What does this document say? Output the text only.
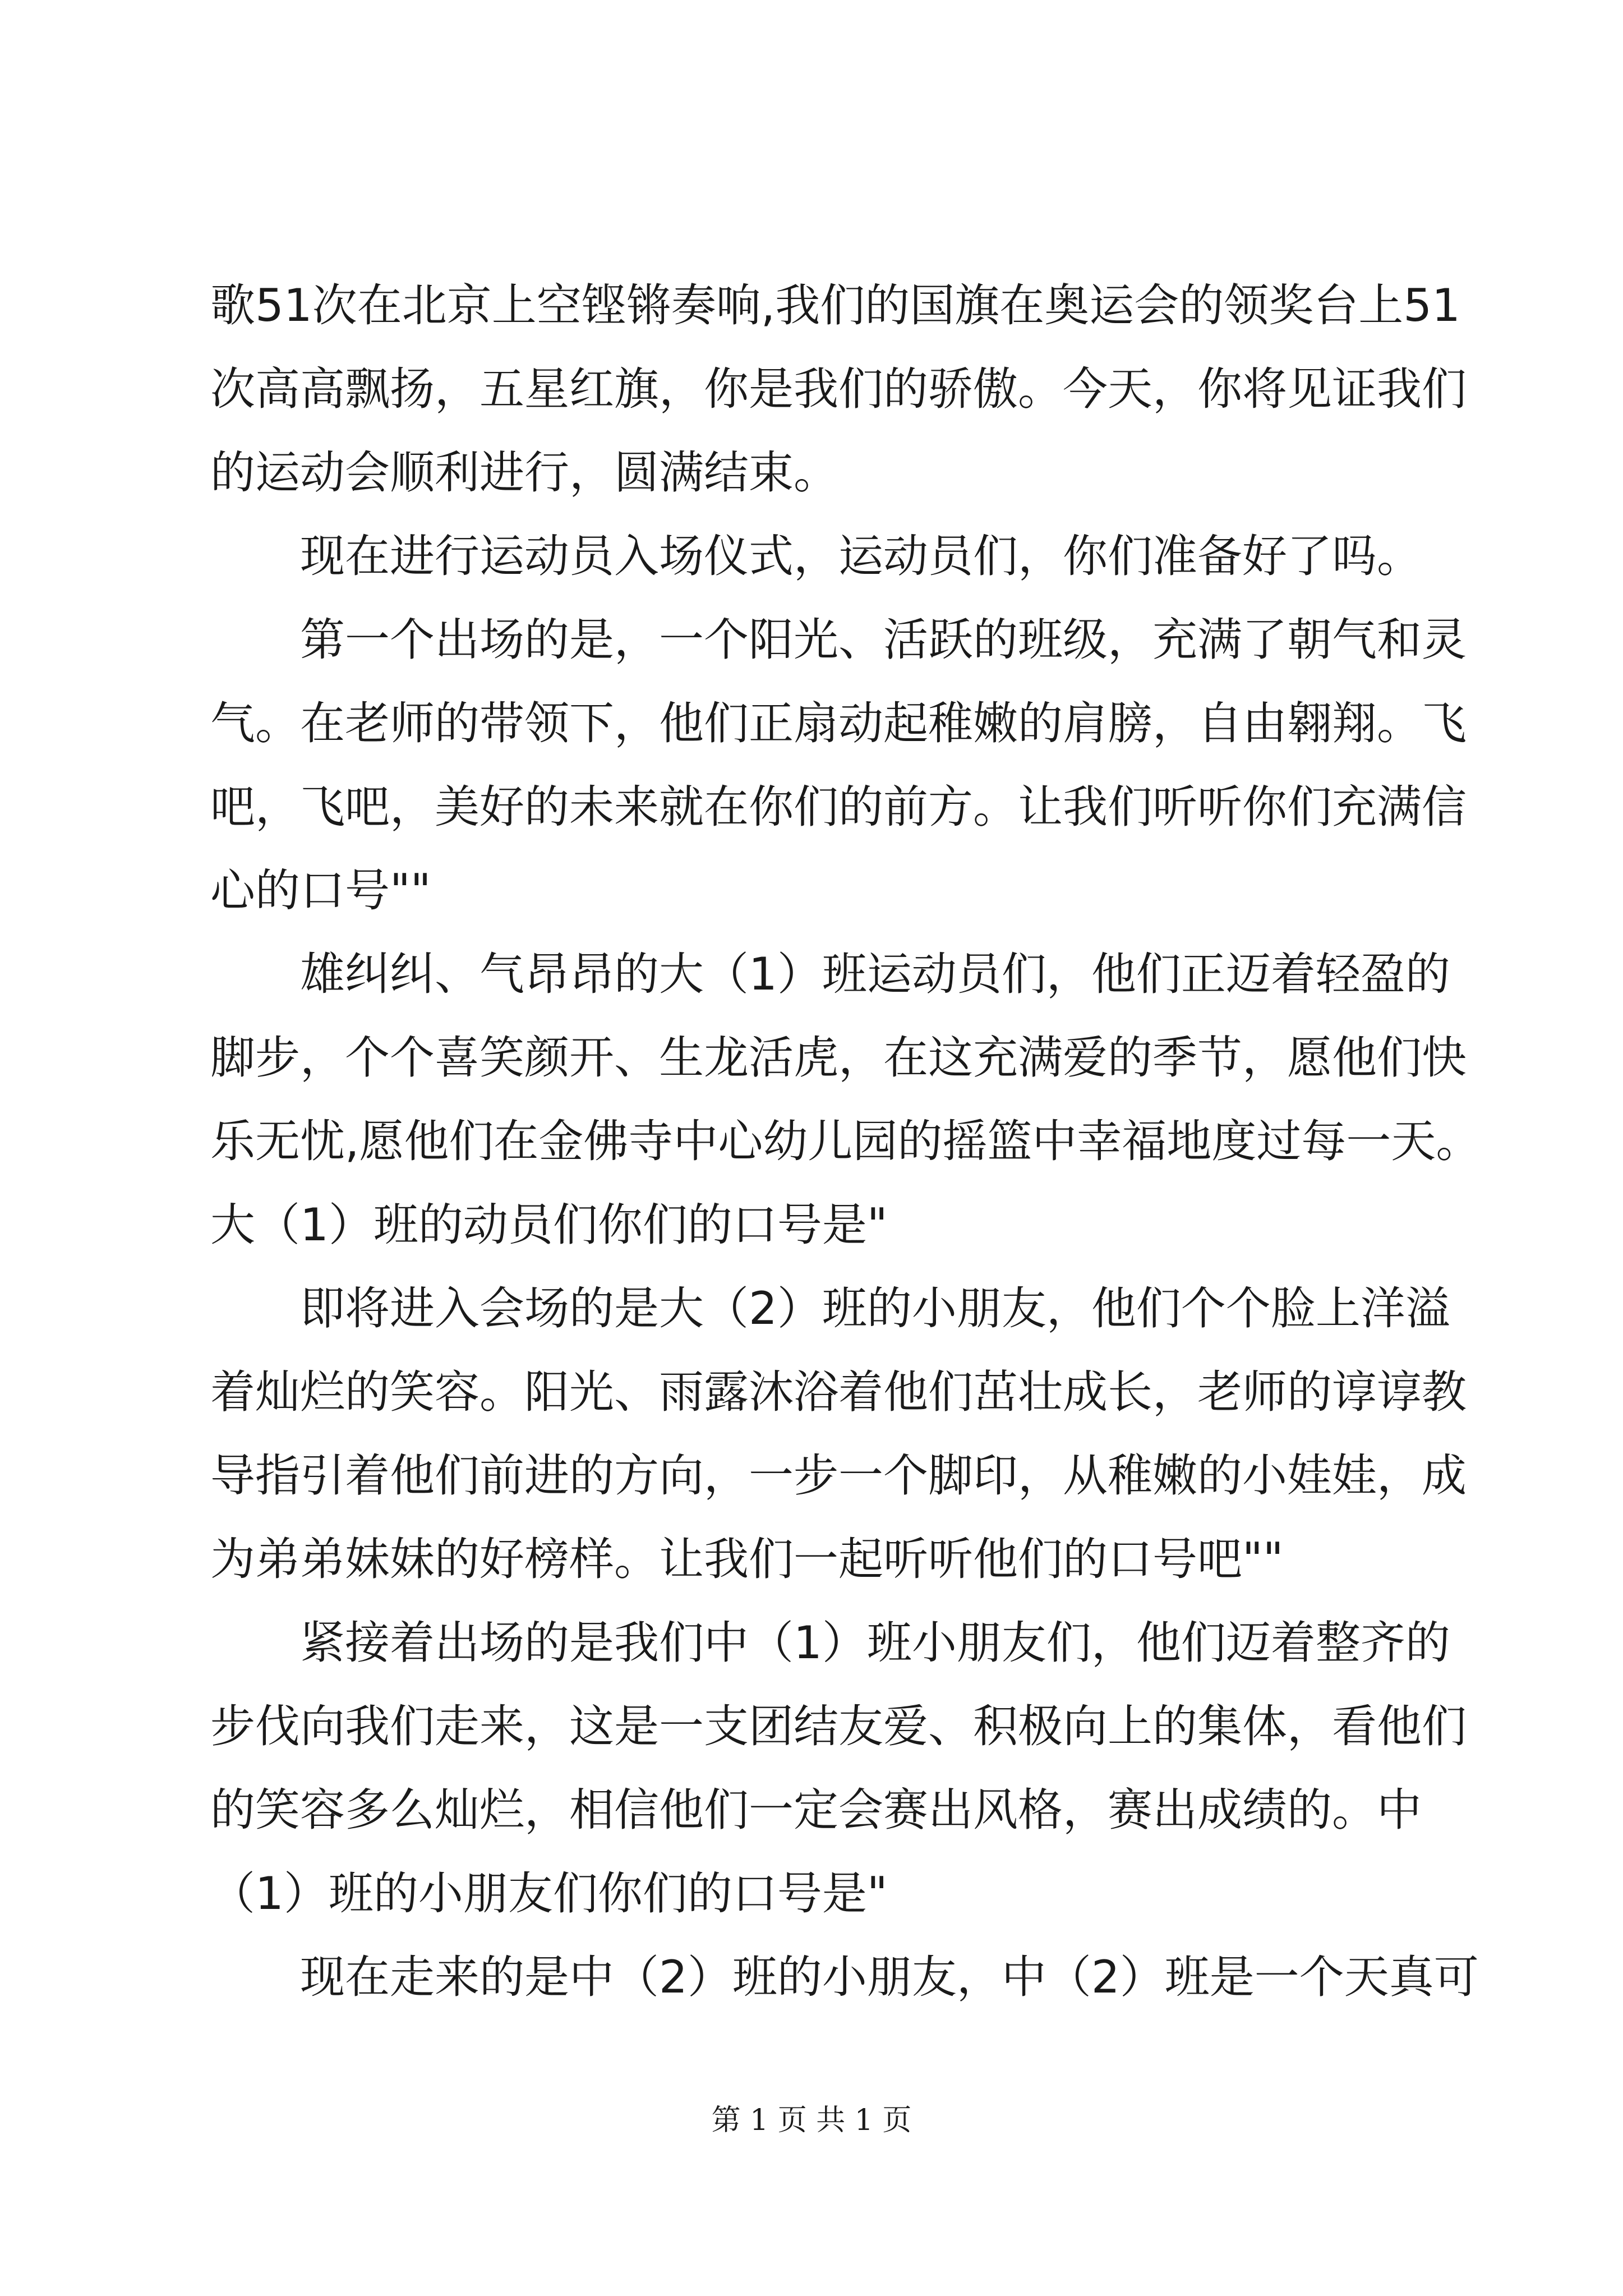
歌51次在北京上空铿锵奏响,我们的国旗在奥运会的领奖台上51
次高高飘扬，五星红旗，你是我们的骄傲。今天，你将见证我们
的运动会顺利进行，圆满结束。
现在进行运动员入场仪式，运动员们，你们准备好了吗。
第一个出场的是，一个阳光、活跃的班级，充满了朝气和灵
气。在老师的带领下，他们正扇动起稚嫩的肩膀，自由翱翔。飞
吧，飞吧，美好的未来就在你们的前方。让我们听听你们充满信
心的口号""
雄纠纠、气昂昂的大（1）班运动员们，他们正迈着轻盈的
脚步，个个喜笑颜开、生龙活虎，在这充满爱的季节，愿他们快
乐无忧,愿他们在金佛寺中心幼儿园的摇篮中幸福地度过每一天。
大（1）班的动员们你们的口号是"
即将进入会场的是大（2）班的小朋友，他们个个脸上洋溢
着灿烂的笑容。阳光、雨露沐浴着他们茁壮成长，老师的谆谆教
导指引着他们前进的方向，一步一个脚印，从稚嫩的小娃娃，成
为弟弟妹妹的好榜样。让我们一起听听他们的口号吧""
紧接着出场的是我们中（1）班小朋友们，他们迈着整齐的
步伐向我们走来，这是一支团结友爱、积极向上的集体，看他们
的笑容多么灿烂，相信他们一定会赛出风格，赛出成绩的。中
（1）班的小朋友们你们的口号是"
现在走来的是中（2）班的小朋友，中（2）班是一个天真可
第 1 页 共 1 页
